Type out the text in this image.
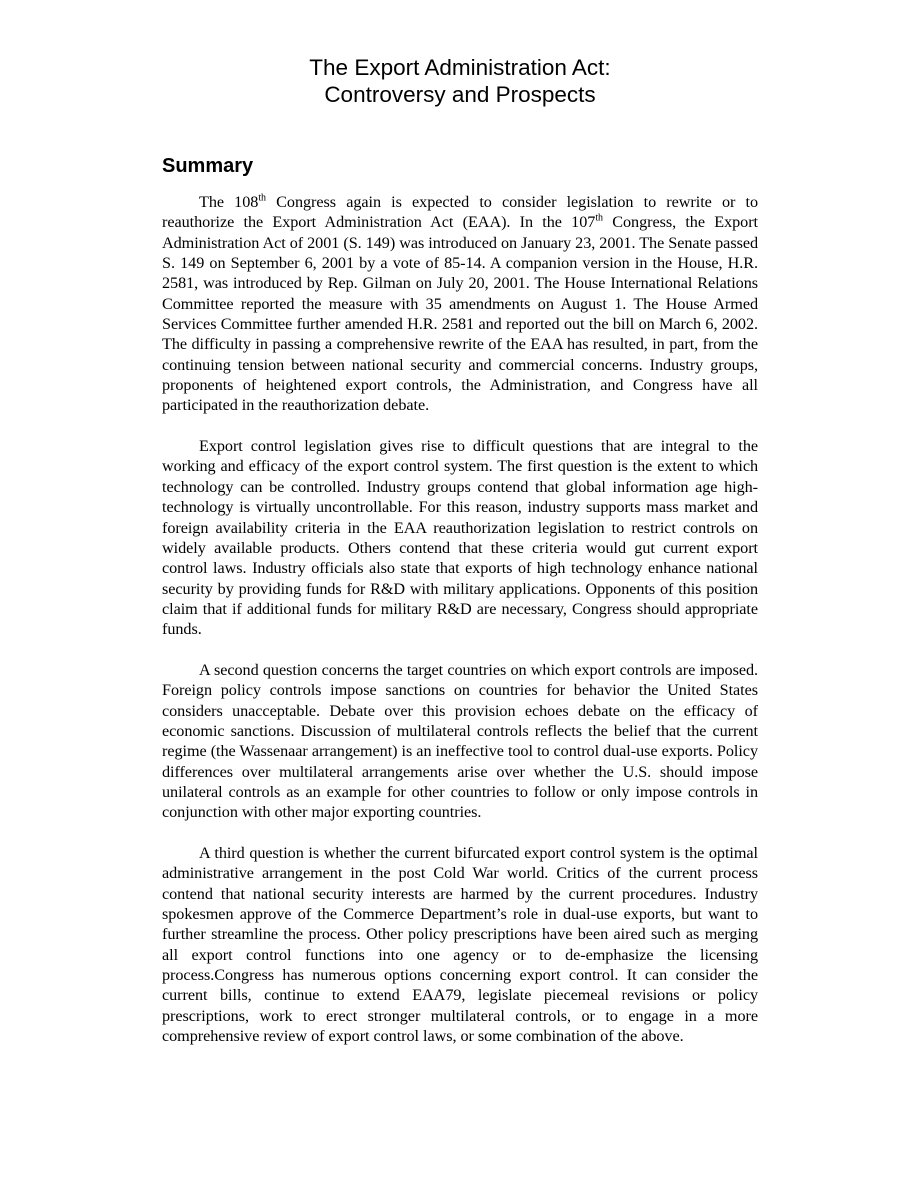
The Export Administration Act:
Controversy and Prospects
Summary

The 108th Congress again is expected to consider legislation to rewrite or to reauthorize the Export Administration Act (EAA). In the 107th Congress, the Export Administration Act of 2001 (S. 149) was introduced on January 23, 2001. The Senate passed S. 149 on September 6, 2001 by a vote of 85-14. A companion version in the House, H.R. 2581, was introduced by Rep. Gilman on July 20, 2001. The House International Relations Committee reported the measure with 35 amendments on August 1. The House Armed Services Committee further amended H.R. 2581 and reported out the bill on March 6, 2002. The difficulty in passing a comprehensive rewrite of the EAA has resulted, in part, from the continuing tension between national security and commercial concerns. Industry groups, proponents of heightened export controls, the Administration, and Congress have all participated in the reauthorization debate.

Export control legislation gives rise to difficult questions that are integral to the working and efficacy of the export control system. The first question is the extent to which technology can be controlled. Industry groups contend that global information age high-technology is virtually uncontrollable. For this reason, industry supports mass market and foreign availability criteria in the EAA reauthorization legislation to restrict controls on widely available products. Others contend that these criteria would gut current export control laws. Industry officials also state that exports of high technology enhance national security by providing funds for R&D with military applications. Opponents of this position claim that if additional funds for military R&D are necessary, Congress should appropriate funds.

A second question concerns the target countries on which export controls are imposed. Foreign policy controls impose sanctions on countries for behavior the United States considers unacceptable. Debate over this provision echoes debate on the efficacy of economic sanctions. Discussion of multilateral controls reflects the belief that the current regime (the Wassenaar arrangement) is an ineffective tool to control dual-use exports. Policy differences over multilateral arrangements arise over whether the U.S. should impose unilateral controls as an example for other countries to follow or only impose controls in conjunction with other major exporting countries.

A third question is whether the current bifurcated export control system is the optimal administrative arrangement in the post Cold War world. Critics of the current process contend that national security interests are harmed by the current procedures. Industry spokesmen approve of the Commerce Department’s role in dual-use exports, but want to further streamline the process. Other policy prescriptions have been aired such as merging all export control functions into one agency or to de-emphasize the licensing process.Congress has numerous options concerning export control. It can consider the current bills, continue to extend EAA79, legislate piecemeal revisions or policy prescriptions, work to erect stronger multilateral controls, or to engage in a more comprehensive review of export control laws, or some combination of the above.
